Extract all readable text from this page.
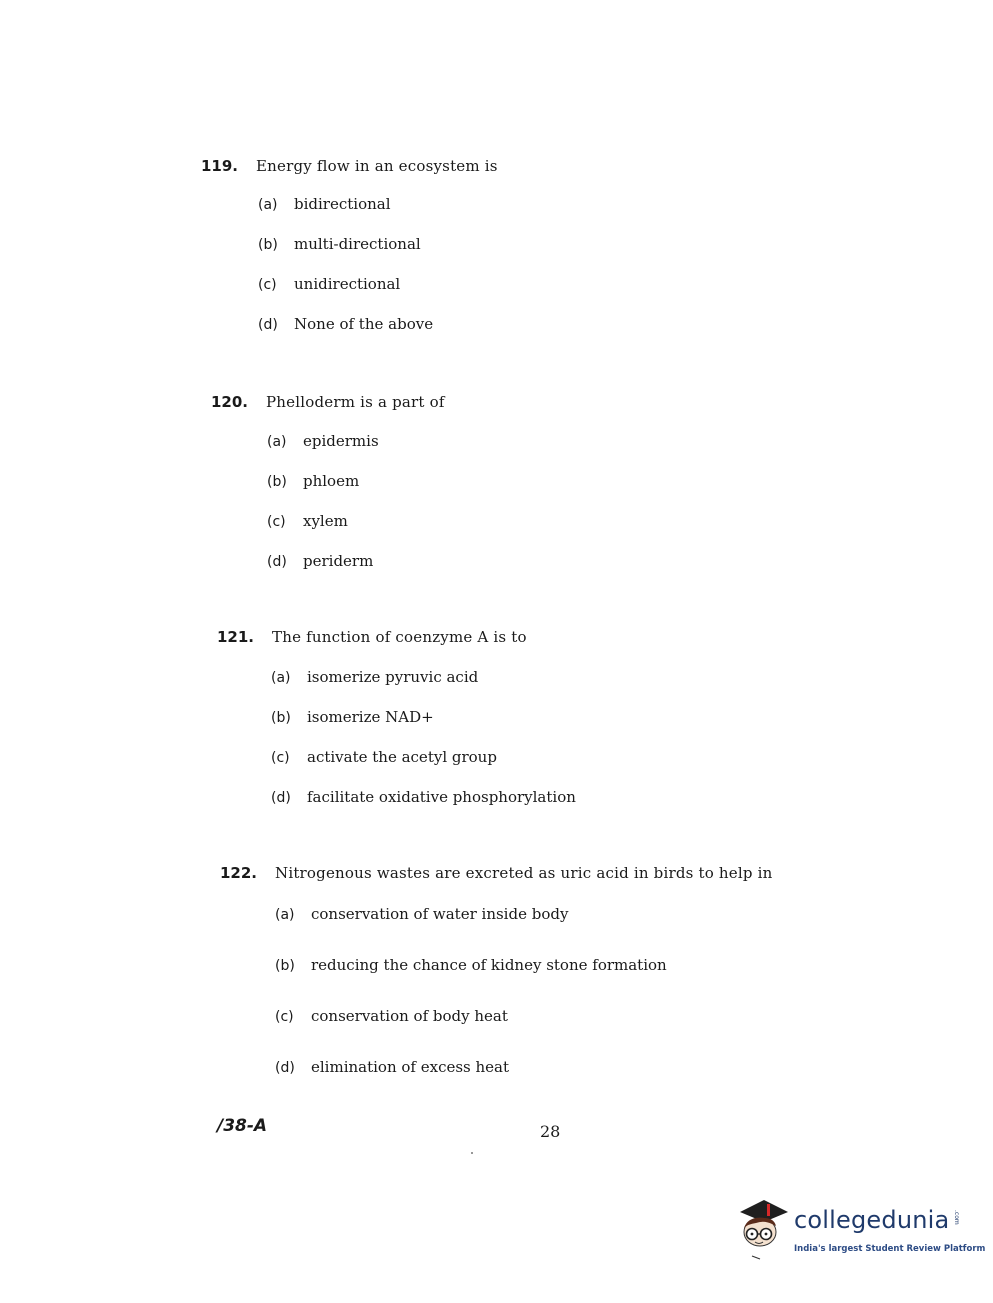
119.	Energy flow in an ecosystem is
(a)	bidirectional
(b)	multi-directional
(c)	unidirectional
(d)	None of the above
120.	Phelloderm is a part of
(a)	epidermis
(b)	phloem
(c)	xylem
(d)	periderm
121.	The function of coenzyme A is to
(a)	isomerize pyruvic acid
(b)	isomerize NAD+
(c)	activate the acetyl group
(d)	facilitate oxidative phosphorylation
122.	Nitrogenous wastes are excreted as uric acid in birds to help in
(a)	conservation of water inside body
(b)	reducing the chance of kidney stone formation
(c)	conservation of body heat
(d)	elimination of excess heat
/38-A	28
collegedunia .com
India's largest Student Review Platform
